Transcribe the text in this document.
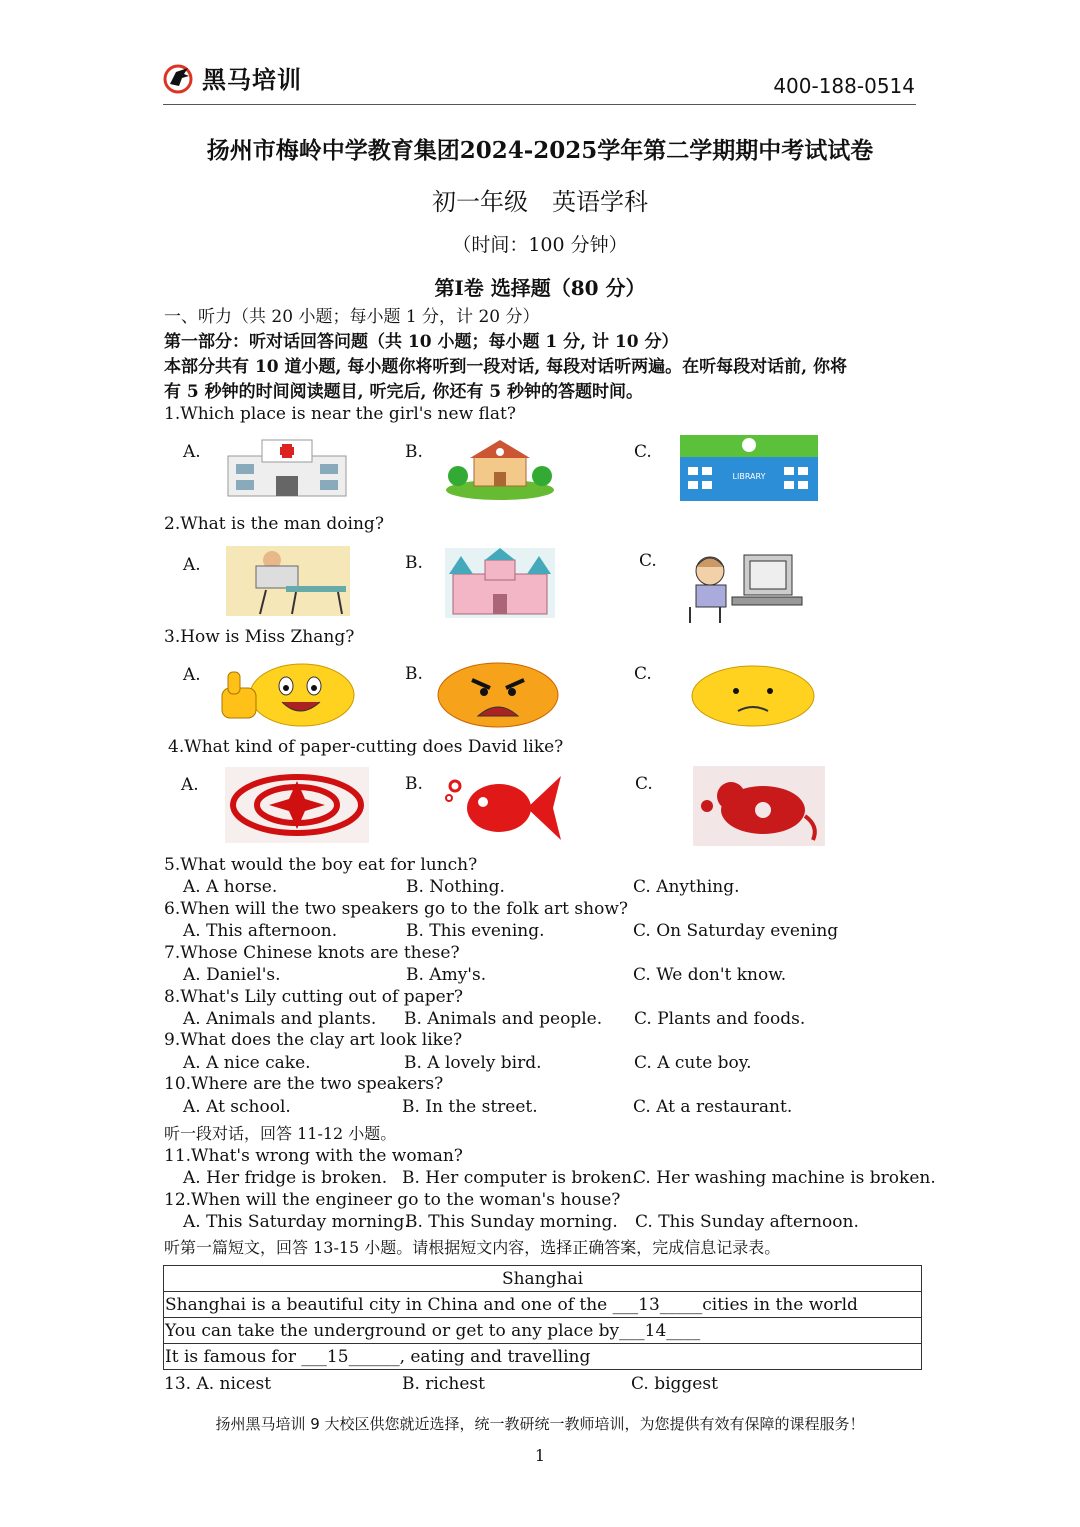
黑马培训	400-188-0514
扬州市梅岭中学教育集团2024-2025学年第二学期期中考试试卷
初一年级　英语学科
（时间：100 分钟）
第Ⅰ卷 选择题（80 分）
一、听力（共 20 小题；每小题 1 分，计 20 分）
第一部分：听对话回答问题（共 10 小题；每小题 1 分, 计 10 分）
本部分共有 10 道小题, 每小题你将听到一段对话, 每段对话听两遍。在听每段对话前, 你将
有 5 秒钟的时间阅读题目, 听完后, 你还有 5 秒钟的答题时间。
1.Which place is near the girl's new flat?
A.	B.	C.
LIBRARY
2.What is the man doing?
A.	B.	C.
3.How is Miss Zhang?
A.	B.	C.
4.What kind of paper-cutting does David like?
A.	B.	C.
5.What would the boy eat for lunch?
A. A horse.	B. Nothing.	C. Anything.
6.When will the two speakers go to the folk art show?
A. This afternoon.	B. This evening.	C. On Saturday evening
7.Whose Chinese knots are these?
A. Daniel's.	B. Amy's.	C. We don't know.
8.What's Lily cutting out of paper?
A. Animals and plants. B. Animals and people. C. Plants and foods.
9.What does the clay art look like?
A. A nice cake.	B. A lovely bird.	C. A cute boy.
10.Where are the two speakers?
A. At school.	B. In the street.	C. At a restaurant.
听一段对话，回答 11-12 小题。
11.What's wrong with the woman?
A. Her fridge is broken. B. Her computer is broken.
C. Her washing machine is broken.
12.When will the engineer go to the woman's house?
A. This Saturday morning.
B. This Sunday morning. C. This Sunday afternoon.
听第一篇短文，回答 13-15 小题。请根据短文内容，选择正确答案，完成信息记录表。
Shanghai
Shanghai is a beautiful city in China and one of the ___13_____cities in the world
You can take the underground or get to any place by___14____
It is famous for ___15______, eating and travelling
13. A. nicest	B. richest	C. biggest
扬州黑马培训 9 大校区供您就近选择，统一教研统一教师培训，为您提供有效有保障的课程服务！
1
